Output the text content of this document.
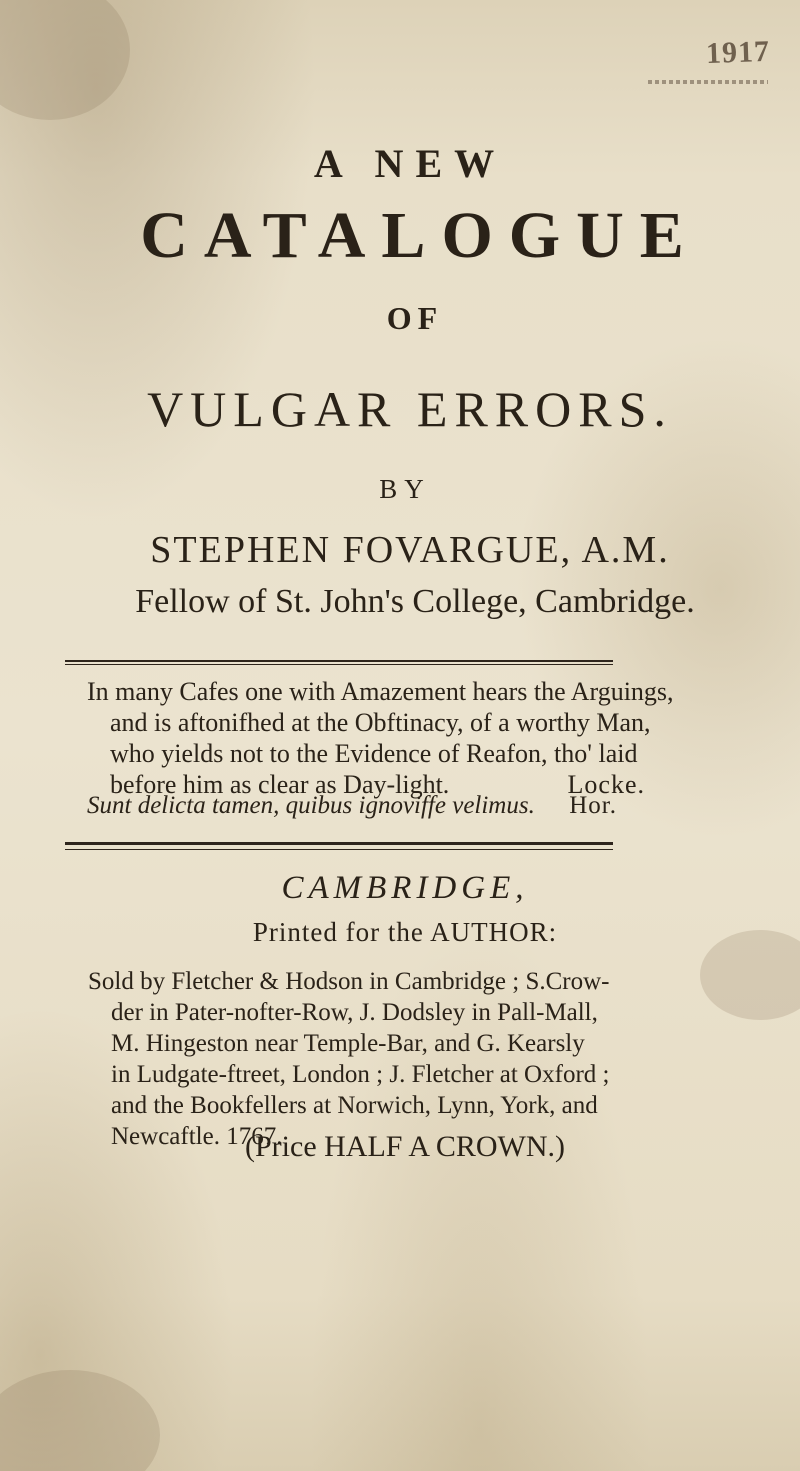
1917
A NEW
CATALOGUE
OF
VULGAR ERRORS.
BY
STEPHEN FOVARGUE, A.M.
Fellow of St. John's College, Cambridge.
In many Cafes one with Amazement hears the Arguings,
and is aftonifhed at the Obftinacy, of a worthy Man,
who yields not to the Evidence of Reafon, tho' laid
before him as clear as Day-light.	Locke.
Sunt delicta tamen, quibus ignoviffe velimus. Hor.
CAMBRIDGE,
Printed for the AUTHOR:
Sold by Fletcher & Hodson in Cambridge ; S.Crow-
der in Pater-nofter-Row, J. Dodsley in Pall-Mall,
M. Hingeston near Temple-Bar, and G. Kearsly
in Ludgate-ftreet, London ; J. Fletcher at Oxford ;
and the Bookfellers at Norwich, Lynn, York, and
Newcaftle. 1767.
(Price HALF A CROWN.)
